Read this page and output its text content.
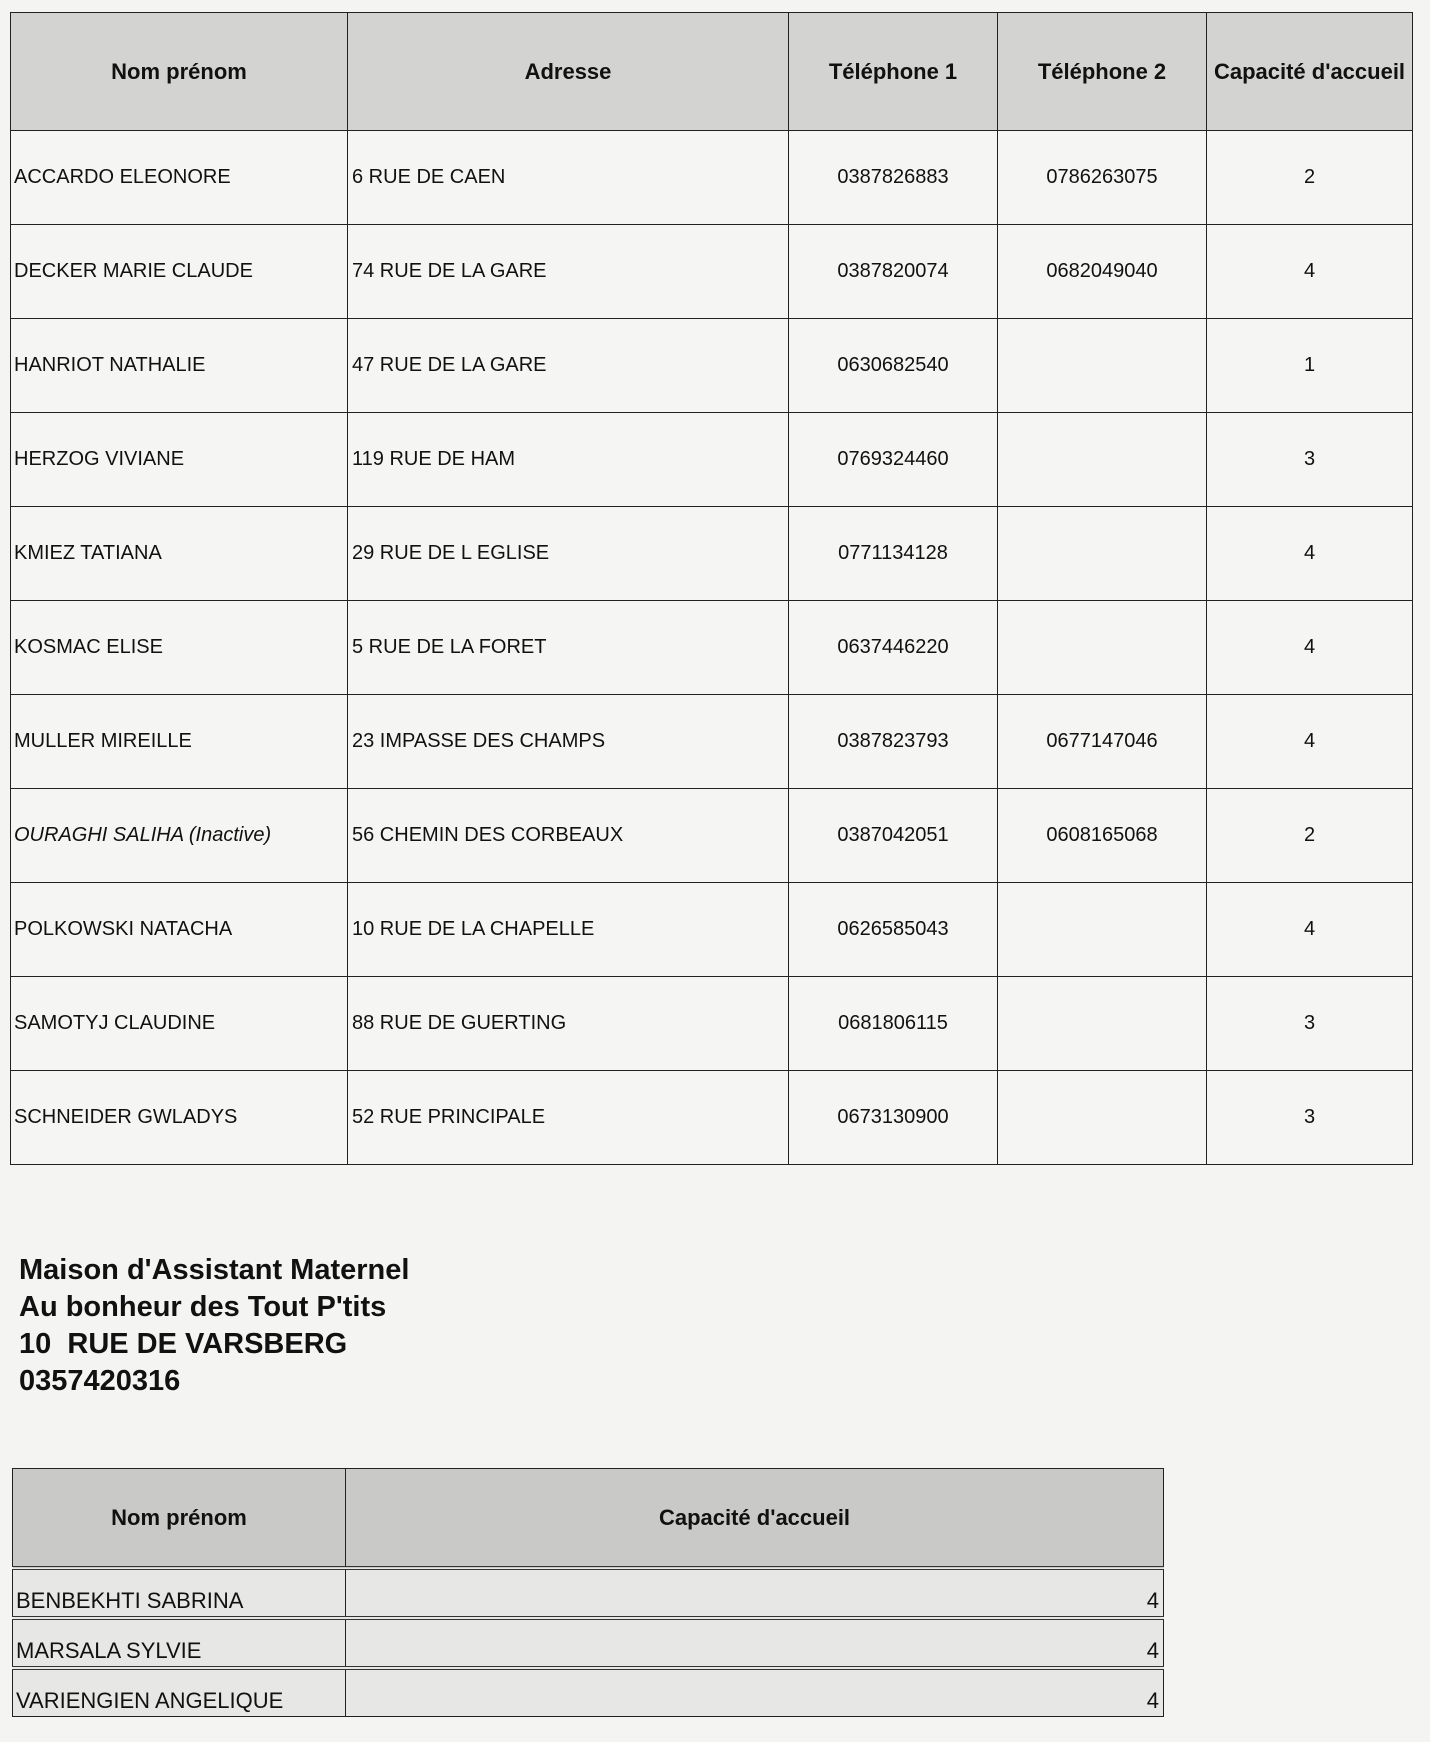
Nom prénom	Adresse	Téléphone 1	Téléphone 2	Capacité d'accueil
ACCARDO ELEONORE	6 RUE DE CAEN	0387826883	0786263075	2
DECKER MARIE CLAUDE	74 RUE DE LA GARE	0387820074	0682049040	4
HANRIOT NATHALIE	47 RUE DE LA GARE	0630682540		1
HERZOG VIVIANE	119 RUE DE HAM	0769324460		3
KMIEZ TATIANA	29 RUE DE L EGLISE	0771134128		4
KOSMAC ELISE	5 RUE DE LA FORET	0637446220		4
MULLER MIREILLE	23 IMPASSE DES CHAMPS	0387823793	0677147046	4
OURAGHI SALIHA (Inactive)	56 CHEMIN DES CORBEAUX	0387042051	0608165068	2
POLKOWSKI NATACHA	10 RUE DE LA CHAPELLE	0626585043		4
SAMOTYJ CLAUDINE	88 RUE DE GUERTING	0681806115		3
SCHNEIDER GWLADYS	52 RUE PRINCIPALE	0673130900		3
Maison d'Assistant Maternel
Au bonheur des Tout P'tits
10  RUE DE VARSBERG
0357420316
Nom prénom	Capacité d'accueil
BENBEKHTI SABRINA	4
MARSALA SYLVIE	4
VARIENGIEN ANGELIQUE	4
